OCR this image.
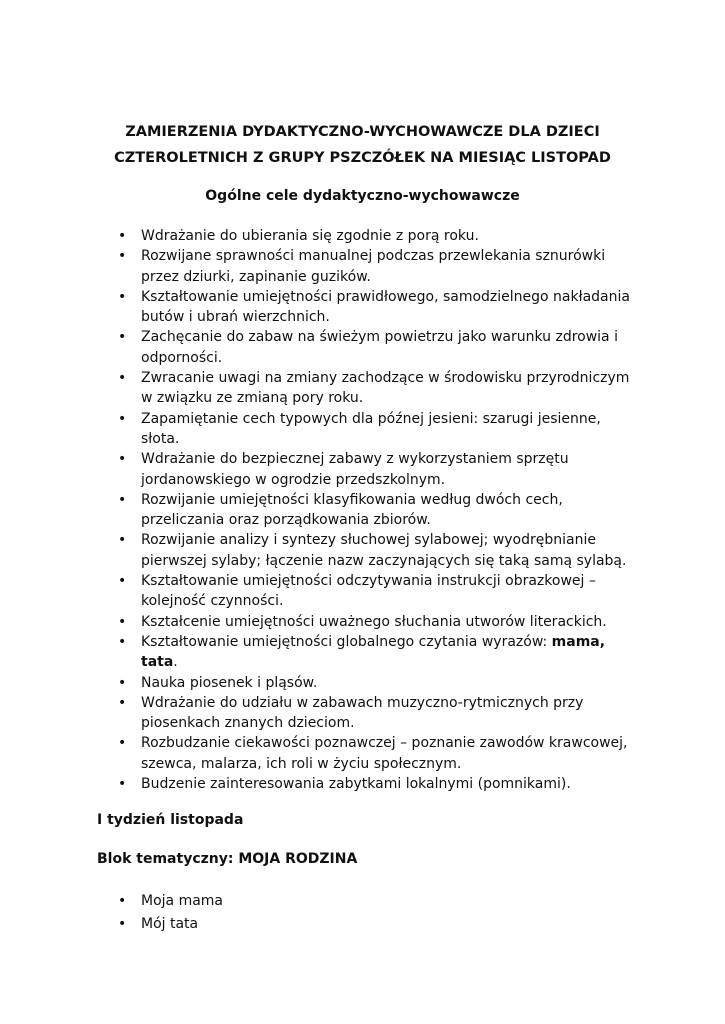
ZAMIERZENIA DYDAKTYCZNO-WYCHOWAWCZE DLA DZIECI
CZTEROLETNICH Z GRUPY PSZCZÓŁEK NA MIESIĄC LISTOPAD
Ogólne cele dydaktyczno-wychowawcze
• Wdrażanie do ubierania się zgodnie z porą roku.
• Rozwijane sprawności manualnej podczas przewlekania sznurówki przez dziurki, zapinanie guzików.
• Kształtowanie umiejętności prawidłowego, samodzielnego nakładania butów i ubrań wierzchnich.
• Zachęcanie do zabaw na świeżym powietrzu jako warunku zdrowia i odporności.
• Zwracanie uwagi na zmiany zachodzące w środowisku przyrodniczym w związku ze zmianą pory roku.
• Zapamiętanie cech typowych dla późnej jesieni: szarugi jesienne, słota.
• Wdrażanie do bezpiecznej zabawy z wykorzystaniem sprzętu jordanowskiego w ogrodzie przedszkolnym.
• Rozwijanie umiejętności klasyfikowania według dwóch cech, przeliczania oraz porządkowania zbiorów.
• Rozwijanie analizy i syntezy słuchowej sylabowej; wyodrębnianie pierwszej sylaby; łączenie nazw zaczynających się taką samą sylabą.
• Kształtowanie umiejętności odczytywania instrukcji obrazkowej – kolejność czynności.
• Kształcenie umiejętności uważnego słuchania utworów literackich.
• Kształtowanie umiejętności globalnego czytania wyrazów: mama, tata.
• Nauka piosenek i pląsów.
• Wdrażanie do udziału w zabawach muzyczno-rytmicznych przy piosenkach znanych dzieciom.
• Rozbudzanie ciekawości poznawczej – poznanie zawodów krawcowej, szewca, malarza, ich roli w życiu społecznym.
• Budzenie zainteresowania zabytkami lokalnymi (pomnikami).
I tydzień listopada
Blok tematyczny: MOJA RODZINA
• Moja mama
• Mój tata
